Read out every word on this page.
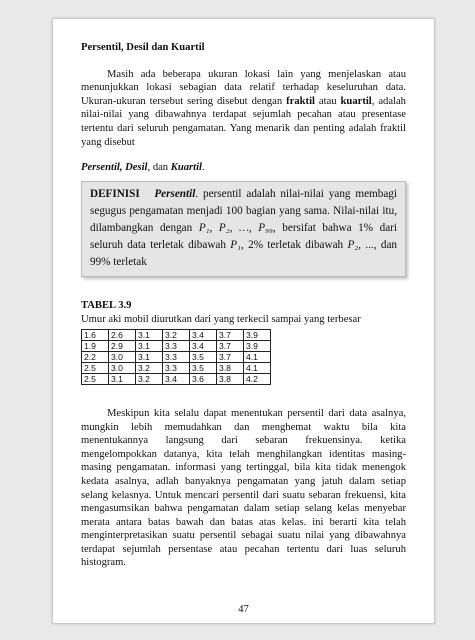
Persentil, Desil dan Kuartil

Masih ada beberapa ukuran lokasi lain yang menjelaskan atau menunjukkan lokasi sebagian data relatif terhadap keseluruhan data. Ukuran-ukuran tersebut sering disebut dengan fraktil atau kuartil, adalah nilai-nilai yang dibawahnya terdapat sejumlah pecahan atau presentase tertentu dari seluruh pengamatan. Yang menarik dan penting adalah fraktil yang disebut

Persentil, Desil, dan Kuartil.

DEFINISI Persentil. persentil adalah nilai-nilai yang membagi segugus pengamatan menjadi 100 bagian yang sama. Nilai-nilai itu, dilambangkan dengan P₁, P₂, …, P₉₉, bersifat bahwa 1% dari seluruh data terletak dibawah P₁, 2% terletak dibawah P₂, ..., dan 99% terletak

TABEL 3.9

Umur aki mobil diurutkan dari yang terkecil sampai yang terbesar

1.6	2.6	3.1	3.2	3.4	3.7	3.9
1.9	2.9	3.1	3.3	3.4	3.7	3.9
2.2	3.0	3.1	3.3	3.5	3.7	4.1
2.5	3.0	3.2	3.3	3.5	3.8	4.1
2.5	3.1	3.2	3.4	3.6	3.8	4.2

Meskipun kita selalu dapat menentukan persentil dari data asalnya, mungkin lebih memudahkan dan menghemat waktu bila kita menentukannya langsung dari sebaran frekuensinya. ketika mengelompokkan datanya, kita telah menghilangkan identitas masing-masing pengamatan. informasi yang tertinggal, bila kita tidak menengok kedata asalnya, adlah banyaknya pengamatan yang jatuh dalam setiap selang kelasnya. Untuk mencari persentil dari suatu sebaran frekuensi, kita mengasumsikan bahwa pengamatan dalam setiap selang kelas menyebar merata antara batas bawah dan batas atas kelas. ini berarti kita telah menginterpretasikan suatu persentil sebagai suatu nilai yang dibawahnya terdapat sejumlah persentase atau pecahan tertentu dari luas seluruh histogram.

47
